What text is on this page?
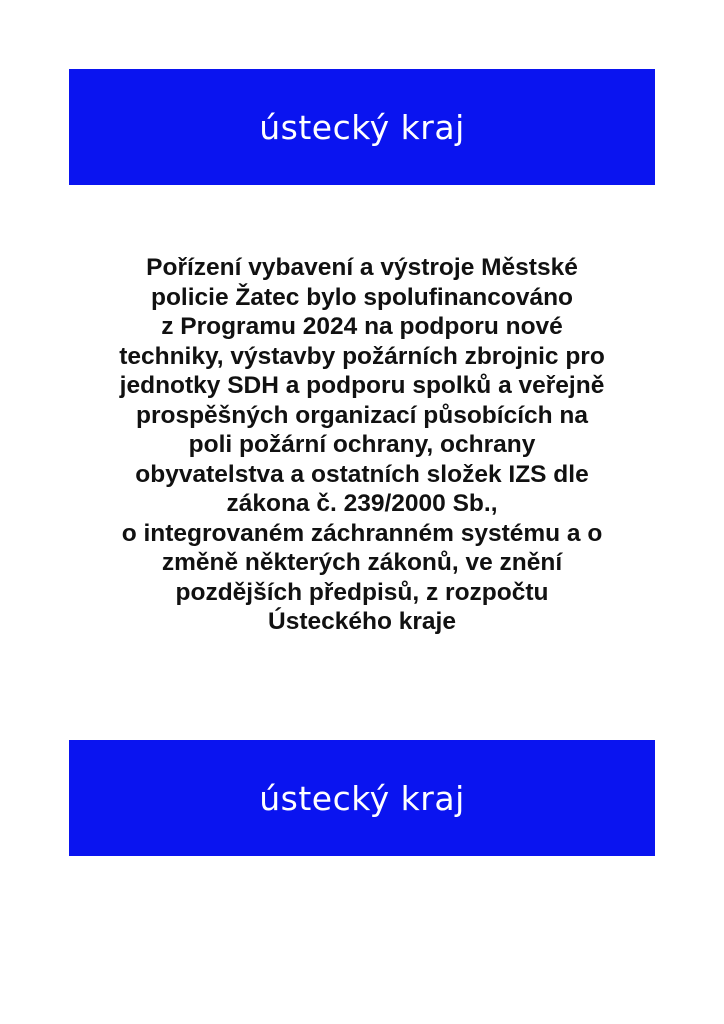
ústecký kraj
Pořízení vybavení a výstroje Městské
policie Žatec bylo spolufinancováno
z Programu 2024 na podporu nové
techniky, výstavby požárních zbrojnic pro
jednotky SDH a podporu spolků a veřejně
prospěšných organizací působících na
poli požární ochrany, ochrany
obyvatelstva a ostatních složek IZS dle
zákona č. 239/2000 Sb.,
o integrovaném záchranném systému a o
změně některých zákonů, ve znění
pozdějších předpisů, z rozpočtu
Ústeckého kraje
ústecký kraj
